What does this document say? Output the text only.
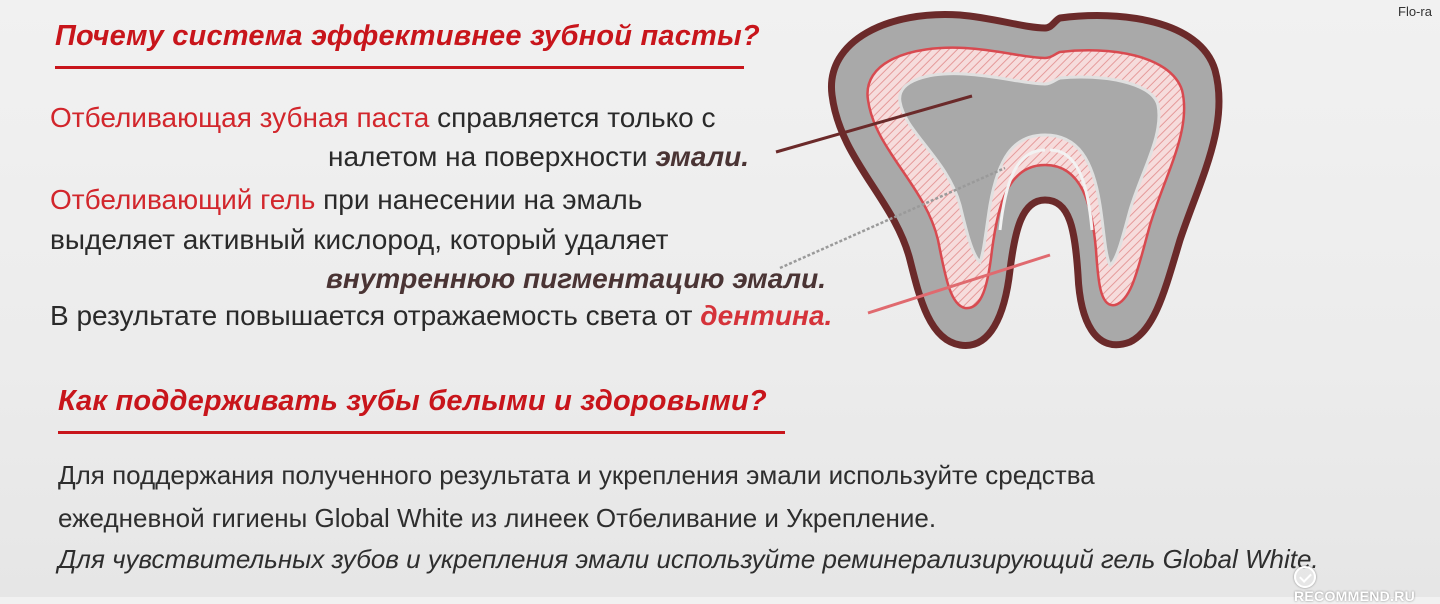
Flo-ra
Почему система эффективнее зубной пасты?
Отбеливающая зубная паста справляется только с
налетом на поверхности эмали.
Отбеливающий гель при нанесении на эмаль
выделяет активный кислород, который удаляет
внутреннюю пигментацию эмали.
В результате повышается отражаемость света от дентина.
Как поддерживать зубы белыми и здоровыми?
Для поддержания полученного результата и укрепления эмали используйте средства
ежедневной гигиены Global White из линеек Отбеливание и Укрепление.
Для чувствительных зубов и укрепления эмали используйте реминерализирующий гель Global White.
RECOMMEND.RU
